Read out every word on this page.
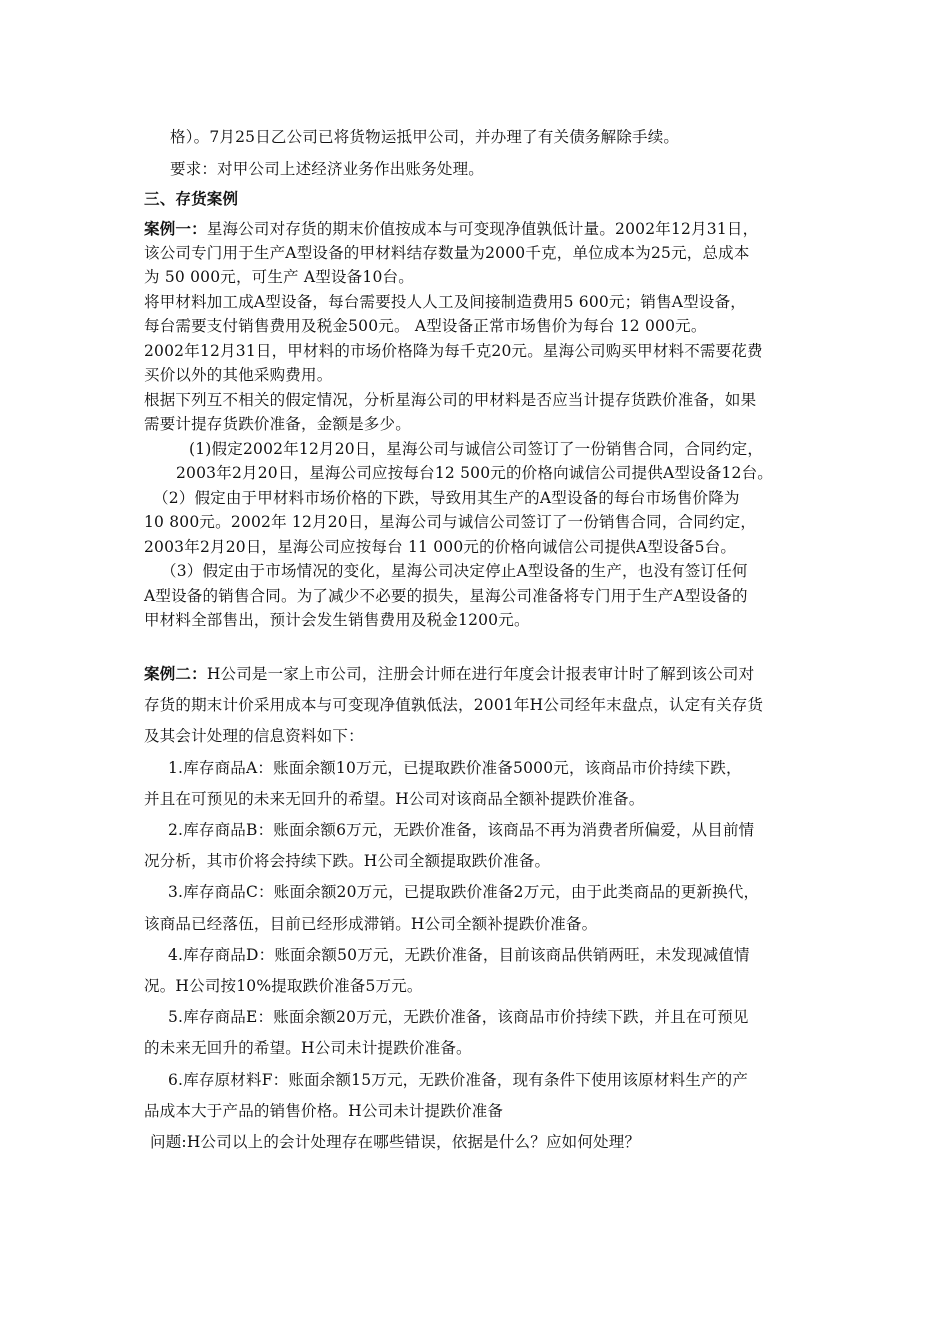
格）。7月25日乙公司已将货物运抵甲公司，并办理了有关债务解除手续。
要求：对甲公司上述经济业务作出账务处理。
三、存货案例
案例一：星海公司对存货的期末价值按成本与可变现净值孰低计量。2002年12月31日，
该公司专门用于生产A型设备的甲材料结存数量为2000千克，单位成本为25元，总成本
为 50 000元，可生产 A型设备10台。
将甲材料加工成A型设备，每台需要投人人工及间接制造费用5 600元；销售A型设备，
每台需要支付销售费用及税金500元。 A型设备正常市场售价为每台 12 000元。
2002年12月31日，甲材料的市场价格降为每千克20元。星海公司购买甲材料不需要花费
买价以外的其他采购费用。
根据下列互不相关的假定情况，分析星海公司的甲材料是否应当计提存货跌价准备，如果
需要计提存货跌价准备，金额是多少。
(1)假定2002年12月20日，星海公司与诚信公司签订了一份销售合同，合同约定，
2003年2月20日，星海公司应按每台12 500元的价格向诚信公司提供A型设备12台。
（2）假定由于甲材料市场价格的下跌，导致用其生产的A型设备的每台市场售价降为
10 800元。2002年 12月20日，星海公司与诚信公司签订了一份销售合同，合同约定，
2003年2月20日，星海公司应按每台 11 000元的价格向诚信公司提供A型设备5台。
（3）假定由于市场情况的变化，星海公司决定停止A型设备的生产，也没有签订任何
A型设备的销售合同。为了减少不必要的损失，星海公司准备将专门用于生产A型设备的
甲材料全部售出，预计会发生销售费用及税金1200元。
案例二：H公司是一家上市公司，注册会计师在进行年度会计报表审计时了解到该公司对
存货的期末计价采用成本与可变现净值孰低法，2001年H公司经年末盘点，认定有关存货
及其会计处理的信息资料如下：
1.库存商品A：账面余额10万元，已提取跌价准备5000元，该商品市价持续下跌，
并且在可预见的未来无回升的希望。H公司对该商品全额补提跌价准备。
2.库存商品B：账面余额6万元，无跌价准备，该商品不再为消费者所偏爱，从目前情
况分析，其市价将会持续下跌。H公司全额提取跌价准备。
3.库存商品C：账面余额20万元，已提取跌价准备2万元，由于此类商品的更新换代，
该商品已经落伍，目前已经形成滞销。H公司全额补提跌价准备。
4.库存商品D：账面余额50万元，无跌价准备，目前该商品供销两旺，未发现减值情
况。H公司按10%提取跌价准备5万元。
5.库存商品E：账面余额20万元，无跌价准备，该商品市价持续下跌，并且在可预见
的未来无回升的希望。H公司未计提跌价准备。
6.库存原材料F：账面余额15万元，无跌价准备，现有条件下使用该原材料生产的产
品成本大于产品的销售价格。H公司未计提跌价准备
问题:H公司以上的会计处理存在哪些错误，依据是什么？应如何处理？
